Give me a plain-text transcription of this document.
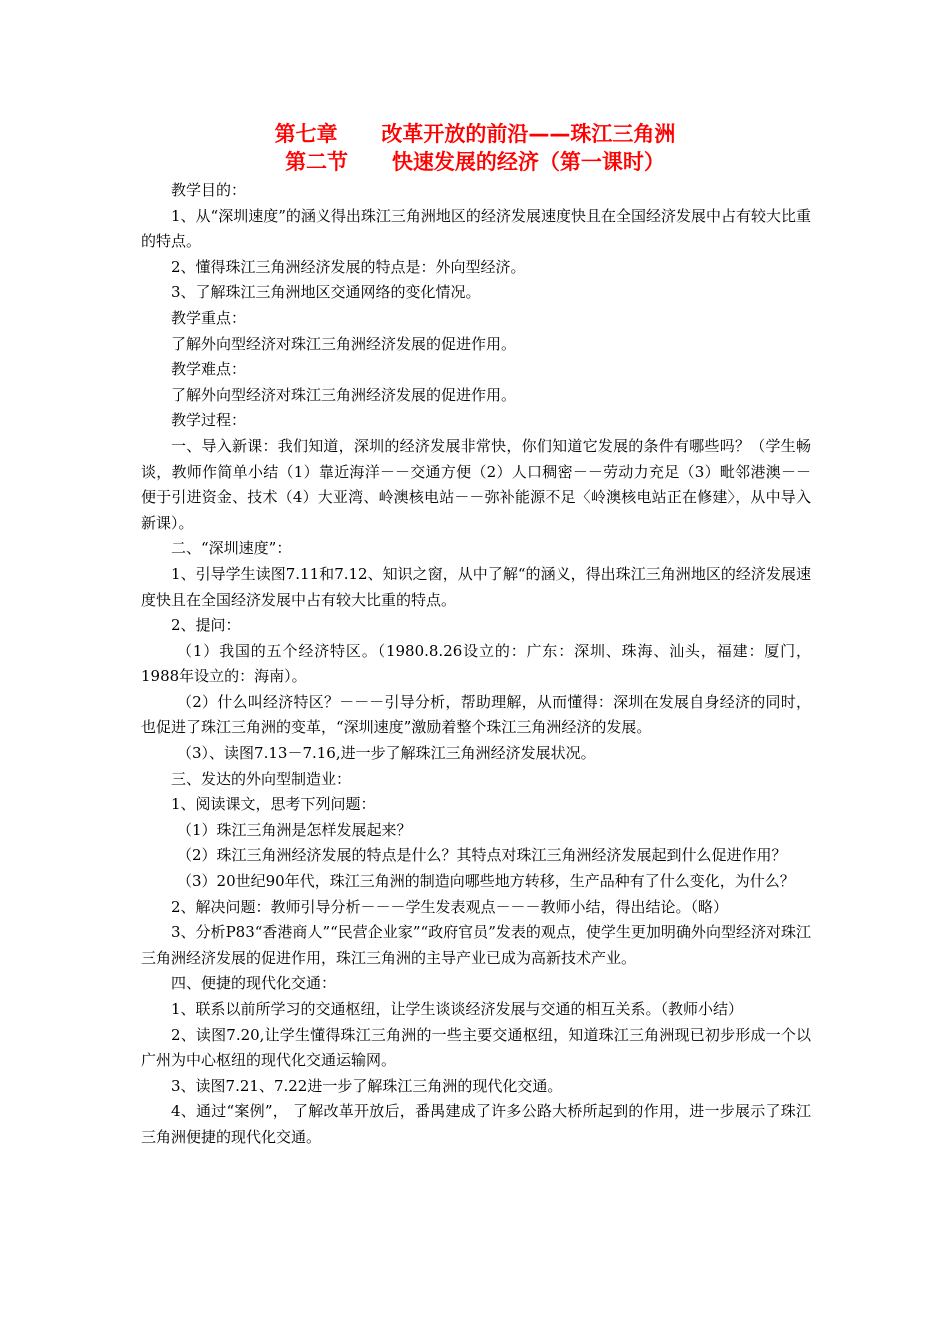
第七章      改革开放的前沿——珠江三角洲
第二节      快速发展的经济（第一课时）

教学目的：

1、从“深圳速度”的涵义得出珠江三角洲地区的经济发展速度快且在全国经济发展中占有较大比重的特点。

2、懂得珠江三角洲经济发展的特点是：外向型经济。

3、了解珠江三角洲地区交通网络的变化情况。

教学重点：

了解外向型经济对珠江三角洲经济发展的促进作用。

教学难点：

了解外向型经济对珠江三角洲经济发展的促进作用。

教学过程：

一、导入新课：我们知道，深圳的经济发展非常快，你们知道它发展的条件有哪些吗？（学生畅谈，教师作简单小结（1）靠近海洋－－交通方便（2）人口稠密－－劳动力充足（3）毗邻港澳－－便于引进资金、技术（4）大亚湾、岭澳核电站－－弥补能源不足〈岭澳核电站正在修建〉，从中导入新课）。

二、“深圳速度”：

1、引导学生读图7.11和7.12、知识之窗，从中了解“的涵义，得出珠江三角洲地区的经济发展速度快且在全国经济发展中占有较大比重的特点。

2、提问：

（1）我国的五个经济特区。（1980.8.26设立的：广东：深圳、珠海、汕头，福建：厦门，1988年设立的：海南）。

（2）什么叫经济特区？－－－引导分析，帮助理解，从而懂得：深圳在发展自身经济的同时，也促进了珠江三角洲的变革，“深圳速度”激励着整个珠江三角洲经济的发展。

（3）、读图7.13－7.16,进一步了解珠江三角洲经济发展状况。

三、发达的外向型制造业：

1、阅读课文，思考下列问题：

（1）珠江三角洲是怎样发展起来？

（2）珠江三角洲经济发展的特点是什么？其特点对珠江三角洲经济发展起到什么促进作用？

（3）20世纪90年代，珠江三角洲的制造向哪些地方转移，生产品种有了什么变化，为什么？

2、解决问题：教师引导分析－－－学生发表观点－－－教师小结，得出结论。（略）

3、分析P83“香港商人”“民营企业家”“政府官员”发表的观点，使学生更加明确外向型经济对珠江三角洲经济发展的促进作用，珠江三角洲的主导产业已成为高新技术产业。

四、便捷的现代化交通：

1、联系以前所学习的交通枢纽，让学生谈谈经济发展与交通的相互关系。（教师小结）

2、读图7.20,让学生懂得珠江三角洲的一些主要交通枢纽，知道珠江三角洲现已初步形成一个以广州为中心枢纽的现代化交通运输网。

3、读图7.21、7.22进一步了解珠江三角洲的现代化交通。

4、通过“案例”， 了解改革开放后，番禺建成了许多公路大桥所起到的作用，进一步展示了珠江三角洲便捷的现代化交通。
